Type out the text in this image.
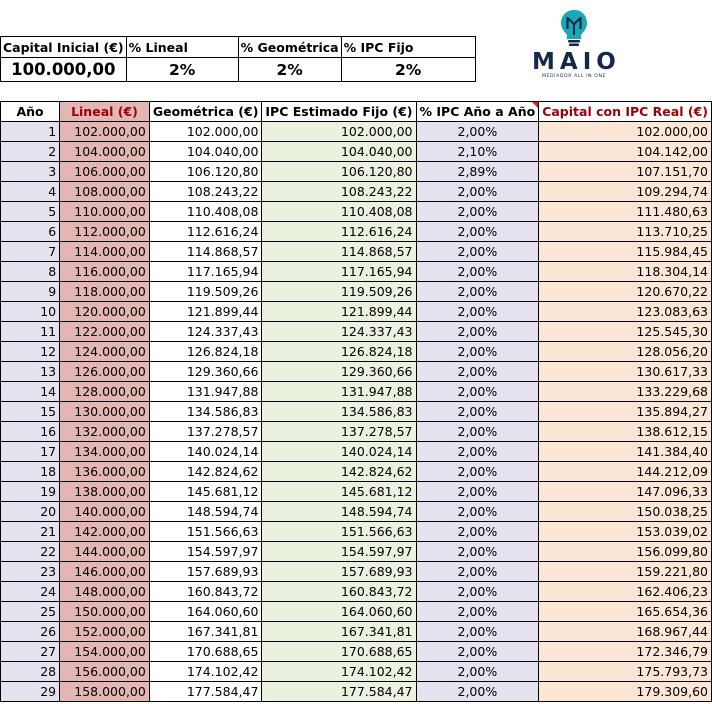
Capital Inicial (€)	% Lineal	% Geométrica	% IPC Fijo
100.000,00	2%	2%	2%	MAIO
MEDIADOR ALL IN ONE
Año	Lineal (€)	Geométrica (€)	IPC Estimado Fijo (€)	% IPC Año a Año	Capital con IPC Real (€)
1	102.000,00	102.000,00	102.000,00	2,00%	102.000,00
2	104.000,00	104.040,00	104.040,00	2,10%	104.142,00
3	106.000,00	106.120,80	106.120,80	2,89%	107.151,70
4	108.000,00	108.243,22	108.243,22	2,00%	109.294,74
5	110.000,00	110.408,08	110.408,08	2,00%	111.480,63
6	112.000,00	112.616,24	112.616,24	2,00%	113.710,25
7	114.000,00	114.868,57	114.868,57	2,00%	115.984,45
8	116.000,00	117.165,94	117.165,94	2,00%	118.304,14
9	118.000,00	119.509,26	119.509,26	2,00%	120.670,22
10	120.000,00	121.899,44	121.899,44	2,00%	123.083,63
11	122.000,00	124.337,43	124.337,43	2,00%	125.545,30
12	124.000,00	126.824,18	126.824,18	2,00%	128.056,20
13	126.000,00	129.360,66	129.360,66	2,00%	130.617,33
14	128.000,00	131.947,88	131.947,88	2,00%	133.229,68
15	130.000,00	134.586,83	134.586,83	2,00%	135.894,27
16	132.000,00	137.278,57	137.278,57	2,00%	138.612,15
17	134.000,00	140.024,14	140.024,14	2,00%	141.384,40
18	136.000,00	142.824,62	142.824,62	2,00%	144.212,09
19	138.000,00	145.681,12	145.681,12	2,00%	147.096,33
20	140.000,00	148.594,74	148.594,74	2,00%	150.038,25
21	142.000,00	151.566,63	151.566,63	2,00%	153.039,02
22	144.000,00	154.597,97	154.597,97	2,00%	156.099,80
23	146.000,00	157.689,93	157.689,93	2,00%	159.221,80
24	148.000,00	160.843,72	160.843,72	2,00%	162.406,23
25	150.000,00	164.060,60	164.060,60	2,00%	165.654,36
26	152.000,00	167.341,81	167.341,81	2,00%	168.967,44
27	154.000,00	170.688,65	170.688,65	2,00%	172.346,79
28	156.000,00	174.102,42	174.102,42	2,00%	175.793,73
29	158.000,00	177.584,47	177.584,47	2,00%	179.309,60
